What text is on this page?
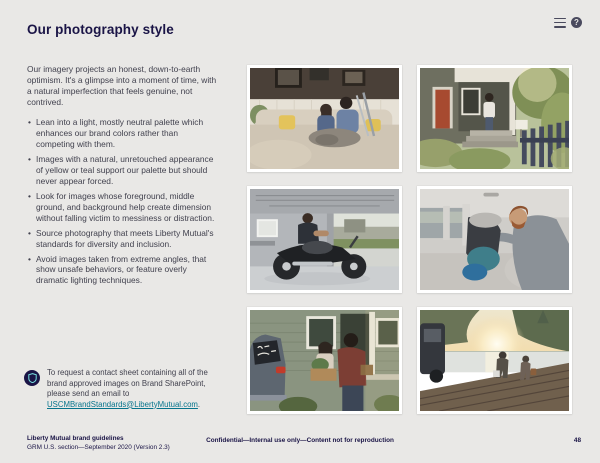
Our photography style	?

Our imagery projects an honest, down-to-earth optimism. It's a glimpse into a moment of time, with a natural imperfection that feels genuine, not contrived.

• Lean into a light, mostly neutral palette which enhances our brand colors rather than competing with them.
• Images with a natural, unretouched appearance of yellow or teal support our palette but should never appear forced.
• Look for images whose foreground, middle ground, and background help create dimension without falling victim to messiness or distraction.
• Source photography that meets Liberty Mutual's standards for diversity and inclusion.
• Avoid images taken from extreme angles, that show unsafe behaviors, or feature overly dramatic lighting techniques.

To request a contact sheet containing all of the brand approved images on Brand SharePoint, please send an email to USCMBrandStandards@LibertyMutual.com.

Liberty Mutual brand guidelines
GRM U.S. section—September 2020 (Version 2.3)
Confidential—Internal use only—Content not for reproduction	48
